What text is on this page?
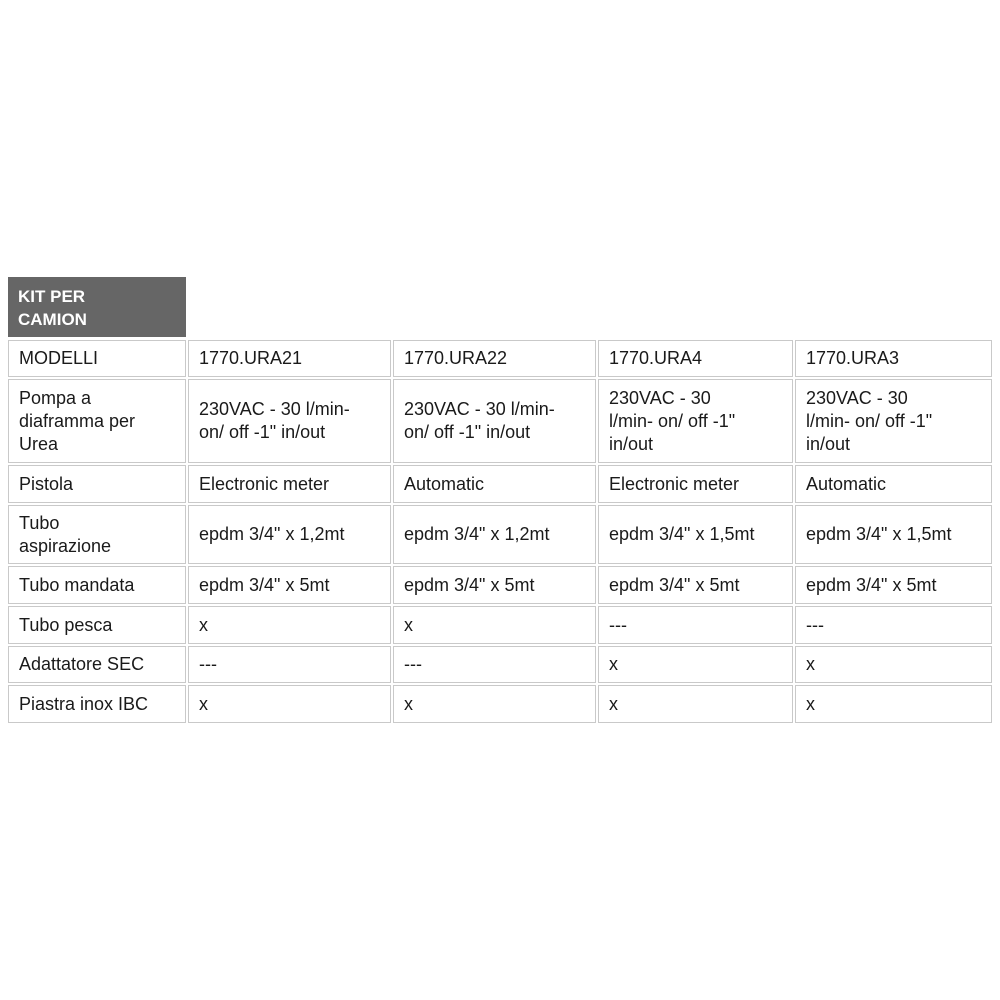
KIT PER
CAMION
MODELLI	1770.URA21	1770.URA22	1770.URA4	1770.URA3
Pompa a
diaframma per
Urea	230VAC - 30 l/min-
on/ off -1" in/out	230VAC - 30 l/min-
on/ off -1" in/out	230VAC - 30
l/min- on/ off -1"
in/out	230VAC - 30
l/min- on/ off -1"
in/out
Pistola	Electronic meter	Automatic	Electronic meter	Automatic
Tubo
aspirazione	epdm 3/4" x 1,2mt	epdm 3/4" x 1,2mt	epdm 3/4" x 1,5mt	epdm 3/4" x 1,5mt
Tubo mandata	epdm 3/4" x 5mt	epdm 3/4" x 5mt	epdm 3/4" x 5mt	epdm 3/4" x 5mt
Tubo pesca	x	x	---	---
Adattatore SEC	---	---	x	x
Piastra inox IBC	x	x	x	x
